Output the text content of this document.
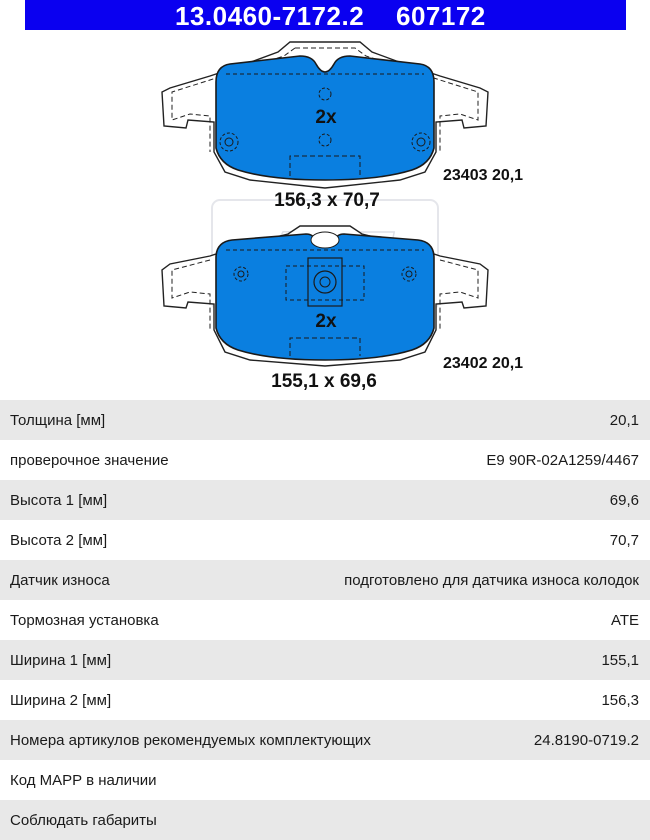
13.0460-7172.2 607172
2x
156,3 x 70,7
23403 20,1
2x
155,1 x 69,6
23402 20,1
Толщина [мм]	20,1
проверочное значение	E9 90R-02A1259/4467
Высота 1 [мм]	69,6
Высота 2 [мм]	70,7
Датчик износа	подготовлено для датчика износа колодок
Тормозная установка	ATE
Ширина 1 [мм]	155,1
Ширина 2 [мм]	156,3
Номера артикулов рекомендуемых комплектующих	24.8190-0719.2
Код MAPP в наличии
Соблюдать габариты
